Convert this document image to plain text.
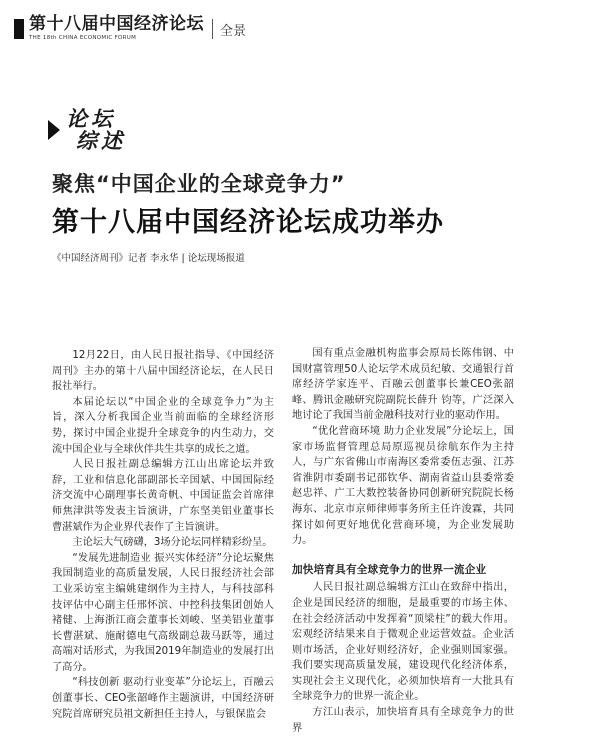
第十八届中国经济论坛
THE 18th CHINA ECONOMIC FORUM	全景
论坛
综述
聚焦“中国企业的全球竞争力”
第十八届中国经济论坛成功举办
《中国经济周刊》记者 李永华 | 论坛现场报道

12月22日，由人民日报社指导、《中国经济周刊》主办的第十八届中国经济论坛，在人民日报社举行。

本届论坛以“中国企业的全球竞争力”为主旨，深入分析我国企业当前面临的全球经济形势，探讨中国企业提升全球竞争的内生动力，交流中国企业与全球伙伴共生共享的成长之道。

人民日报社副总编辑方江山出席论坛并致辞，工业和信息化部副部长辛国斌、中国国际经济交流中心副理事长黄奇帆、中国证监会首席律师焦津洪等发表主旨演讲，广东坚美铝业董事长曹湛斌作为企业界代表作了主旨演讲。

主论坛大气磅礴，3场分论坛同样精彩纷呈。

“发展先进制造业 振兴实体经济”分论坛聚焦我国制造业的高质量发展，人民日报经济社会部工业采访室主编姚建纲作为主持人，与科技部科技评估中心副主任邢怀滨、中控科技集团创始人褚健、上海浙江商会董事长刘峻、坚美铝业董事长曹湛斌、施耐德电气高级副总裁马跃等，通过高端对话形式，为我国2019年制造业的发展打出了高分。

“科技创新 驱动行业变革”分论坛上，百融云创董事长、CEO张韶峰作主题演讲，中国经济研究院首席研究员祖文新担任主持人，与银保监会

国有重点金融机构监事会原局长陈伟钢、中国财富管理50人论坛学术成员纪敏、交通银行首席经济学家连平、百融云创董事长兼CEO张韶峰、腾讯金融研究院副院长薛升 钧等，广泛深入地讨论了我国当前金融科技对行业的驱动作用。

“优化营商环境 助力企业发展”分论坛上，国家市场监督管理总局原巡视员徐航东作为主持人，与广东省佛山市南海区委常委伍志强、江苏省淮阴市委副书记邵钦华、湖南省益山县委常委赵忠祥、广工大数控装备协同创新研究院院长杨海东、北京市京师律师事务所主任许浚霖，共同探讨如何更好地优化营商环境，为企业发展助力。

加快培育具有全球竞争力的世界一流企业

人民日报社副总编辑方江山在致辞中指出，企业是国民经济的细胞，是最重要的市场主体、在社会经济活动中发挥着“顶梁柱”的载大作用。宏观经济结果来自于微观企业运营效益。企业活则市场活，企业好则经济好，企业强则国家强。我们要实现高质量发展，建设现代化经济体系，实现社会主义现代化，必须加快培育一大批具有全球竞争力的世界一流企业。

方江山表示，加快培育具有全球竞争力的世界
